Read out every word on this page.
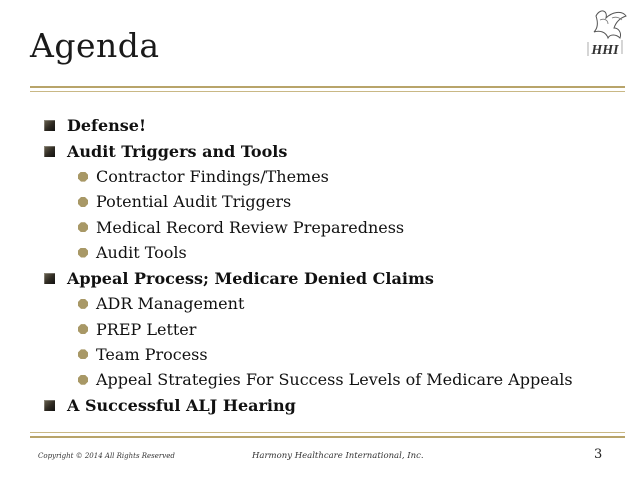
Agenda	HHI
Defense!
Audit Triggers and Tools
Contractor Findings/Themes
Potential Audit Triggers
Medical Record Review Preparedness
Audit Tools
Appeal Process; Medicare Denied Claims
ADR Management
PREP Letter
Team Process
Appeal Strategies For Success Levels of Medicare Appeals
A Successful ALJ Hearing
Copyright © 2014 All Rights Reserved	Harmony Healthcare International, Inc.	3
